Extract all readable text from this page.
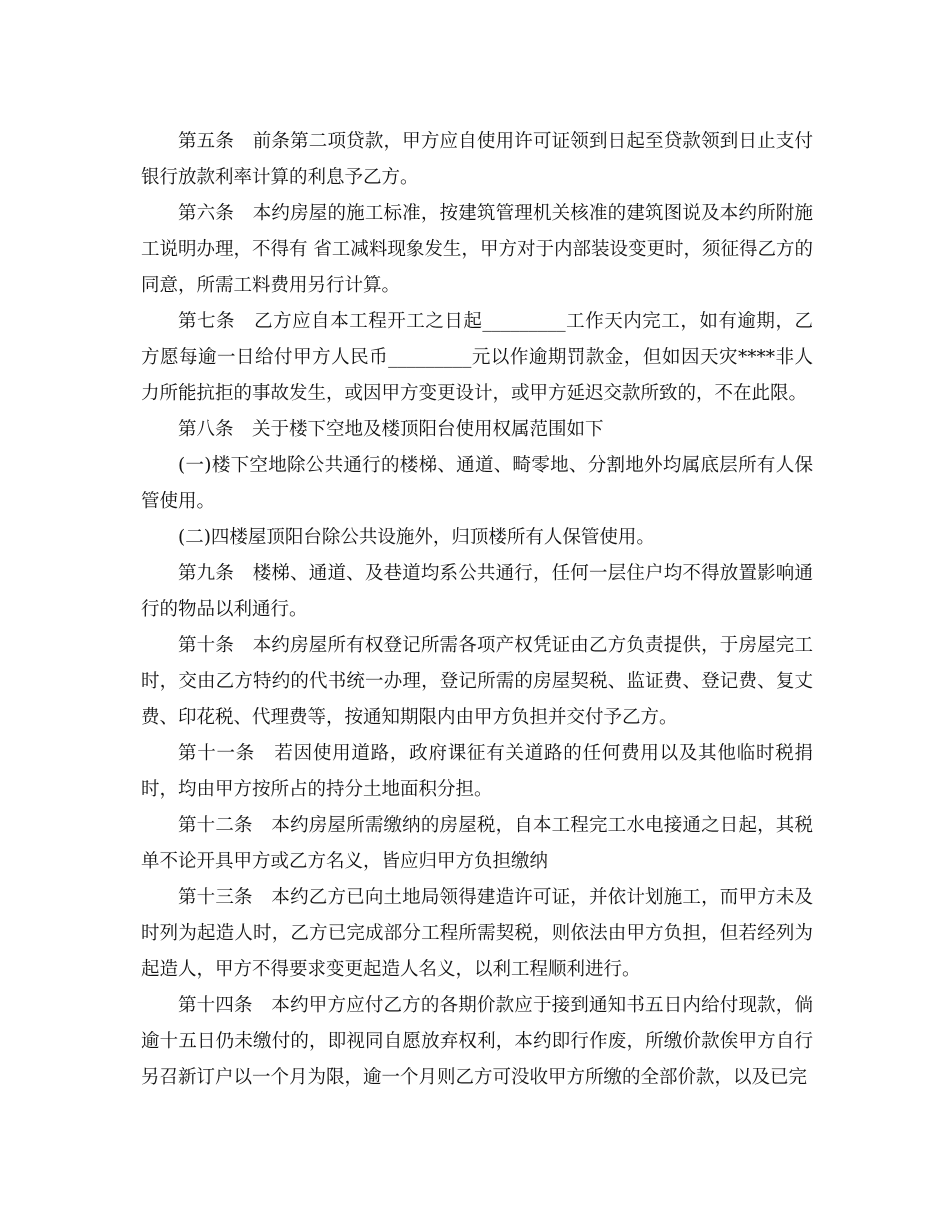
第五条　前条第二项贷款，甲方应自使用许可证领到日起至贷款领到日止支付银行放款利率计算的利息予乙方。

第六条　本约房屋的施工标准，按建筑管理机关核准的建筑图说及本约所附施工说明办理，不得有 省工减料现象发生，甲方对于内部装设变更时，须征得乙方的同意，所需工料费用另行计算。

第七条　乙方应自本工程开工之日起_________工作天内完工，如有逾期，乙方愿每逾一日给付甲方人民币_________元以作逾期罚款金，但如因天灾****非人力所能抗拒的事故发生，或因甲方变更设计，或甲方延迟交款所致的，不在此限。

第八条　关于楼下空地及楼顶阳台使用权属范围如下

(一)楼下空地除公共通行的楼梯、通道、畸零地、分割地外均属底层所有人保管使用。

(二)四楼屋顶阳台除公共设施外，归顶楼所有人保管使用。

第九条　楼梯、通道、及巷道均系公共通行，任何一层住户均不得放置影响通行的物品以利通行。

第十条　本约房屋所有权登记所需各项产权凭证由乙方负责提供，于房屋完工时，交由乙方特约的代书统一办理，登记所需的房屋契税、监证费、登记费、复丈费、印花税、代理费等，按通知期限内由甲方负担并交付予乙方。

第十一条　若因使用道路，政府课征有关道路的任何费用以及其他临时税捐时，均由甲方按所占的持分土地面积分担。

第十二条　本约房屋所需缴纳的房屋税，自本工程完工水电接通之日起，其税单不论开具甲方或乙方名义，皆应归甲方负担缴纳

第十三条　本约乙方已向土地局领得建造许可证，并依计划施工，而甲方未及时列为起造人时，乙方已完成部分工程所需契税，则依法由甲方负担，但若经列为起造人，甲方不得要求变更起造人名义，以利工程顺利进行。

第十四条　本约甲方应付乙方的各期价款应于接到通知书五日内给付现款，倘逾十五日仍未缴付的，即视同自愿放弃权利，本约即行作废，所缴价款俟甲方自行另召新订户以一个月为限，逾一个月则乙方可没收甲方所缴的全部价款，以及已完
